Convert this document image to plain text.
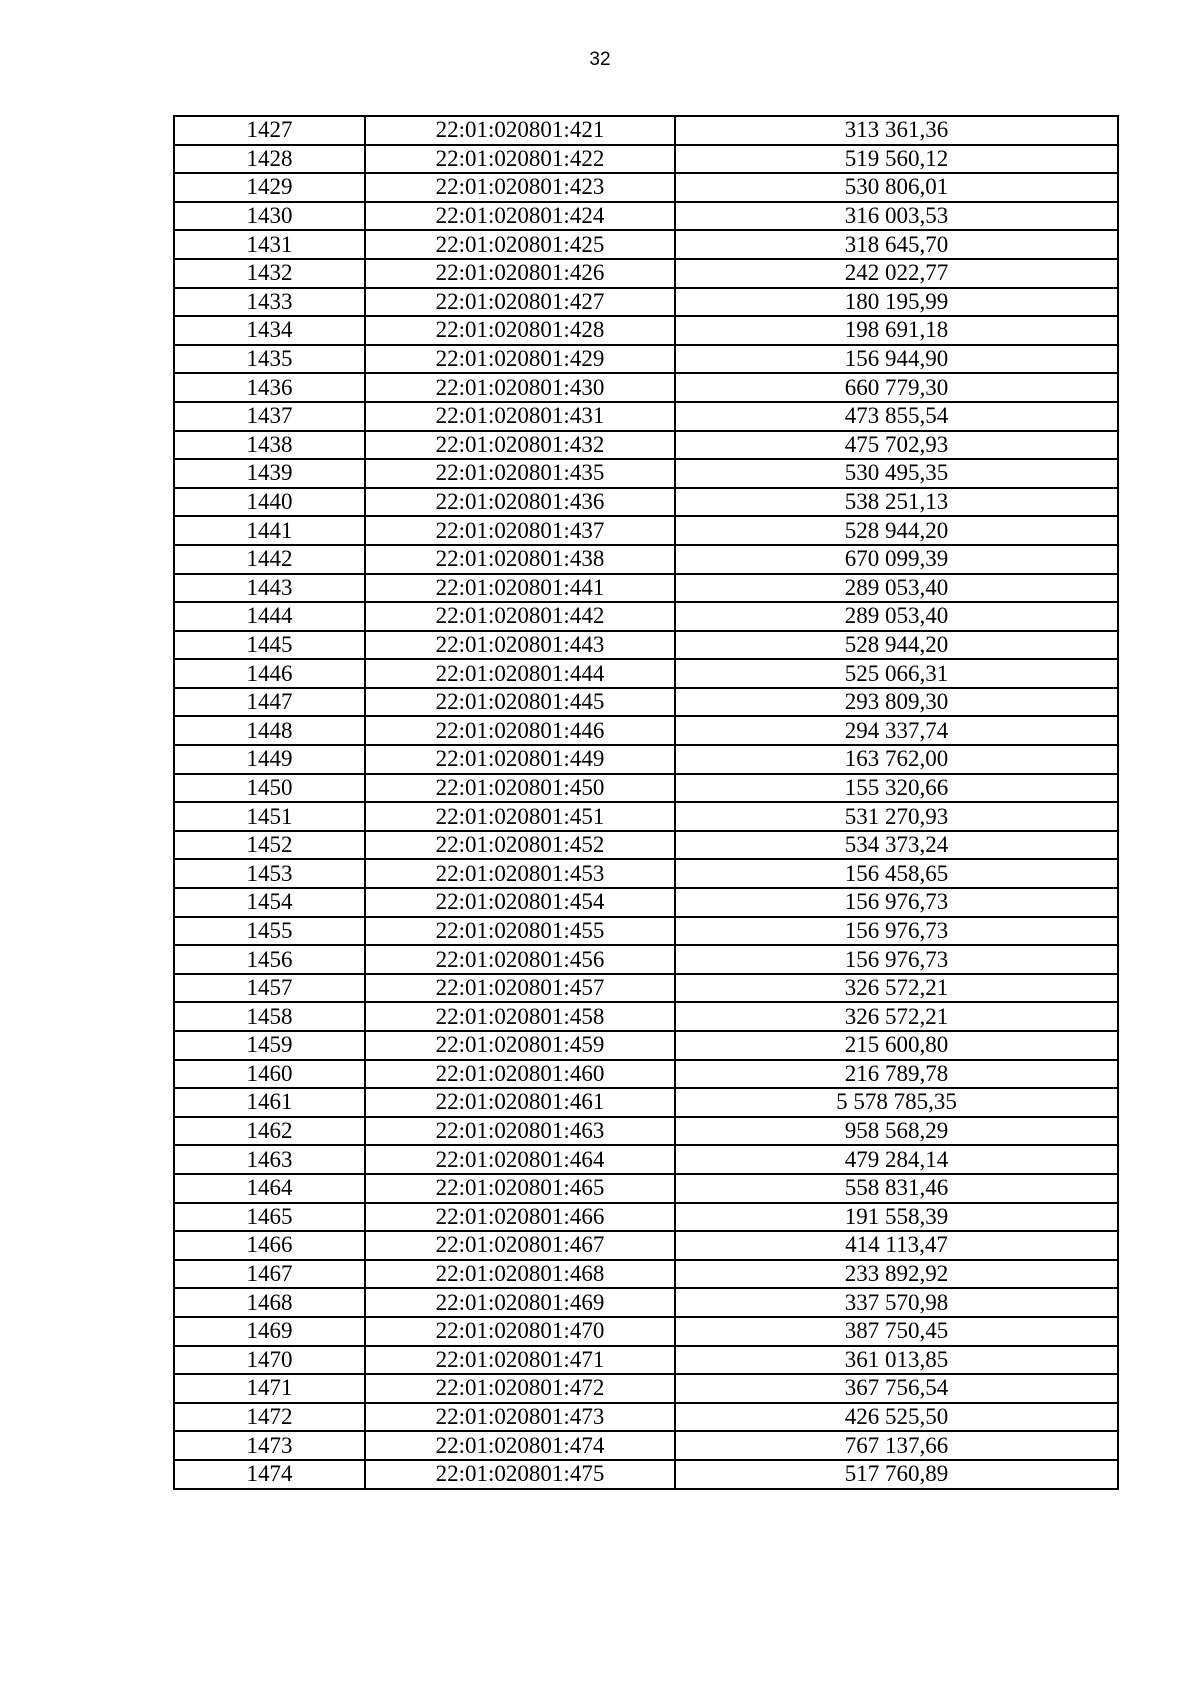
32
1427	22:01:020801:421	313 361,36
1428	22:01:020801:422	519 560,12
1429	22:01:020801:423	530 806,01
1430	22:01:020801:424	316 003,53
1431	22:01:020801:425	318 645,70
1432	22:01:020801:426	242 022,77
1433	22:01:020801:427	180 195,99
1434	22:01:020801:428	198 691,18
1435	22:01:020801:429	156 944,90
1436	22:01:020801:430	660 779,30
1437	22:01:020801:431	473 855,54
1438	22:01:020801:432	475 702,93
1439	22:01:020801:435	530 495,35
1440	22:01:020801:436	538 251,13
1441	22:01:020801:437	528 944,20
1442	22:01:020801:438	670 099,39
1443	22:01:020801:441	289 053,40
1444	22:01:020801:442	289 053,40
1445	22:01:020801:443	528 944,20
1446	22:01:020801:444	525 066,31
1447	22:01:020801:445	293 809,30
1448	22:01:020801:446	294 337,74
1449	22:01:020801:449	163 762,00
1450	22:01:020801:450	155 320,66
1451	22:01:020801:451	531 270,93
1452	22:01:020801:452	534 373,24
1453	22:01:020801:453	156 458,65
1454	22:01:020801:454	156 976,73
1455	22:01:020801:455	156 976,73
1456	22:01:020801:456	156 976,73
1457	22:01:020801:457	326 572,21
1458	22:01:020801:458	326 572,21
1459	22:01:020801:459	215 600,80
1460	22:01:020801:460	216 789,78
1461	22:01:020801:461	5 578 785,35
1462	22:01:020801:463	958 568,29
1463	22:01:020801:464	479 284,14
1464	22:01:020801:465	558 831,46
1465	22:01:020801:466	191 558,39
1466	22:01:020801:467	414 113,47
1467	22:01:020801:468	233 892,92
1468	22:01:020801:469	337 570,98
1469	22:01:020801:470	387 750,45
1470	22:01:020801:471	361 013,85
1471	22:01:020801:472	367 756,54
1472	22:01:020801:473	426 525,50
1473	22:01:020801:474	767 137,66
1474	22:01:020801:475	517 760,89
